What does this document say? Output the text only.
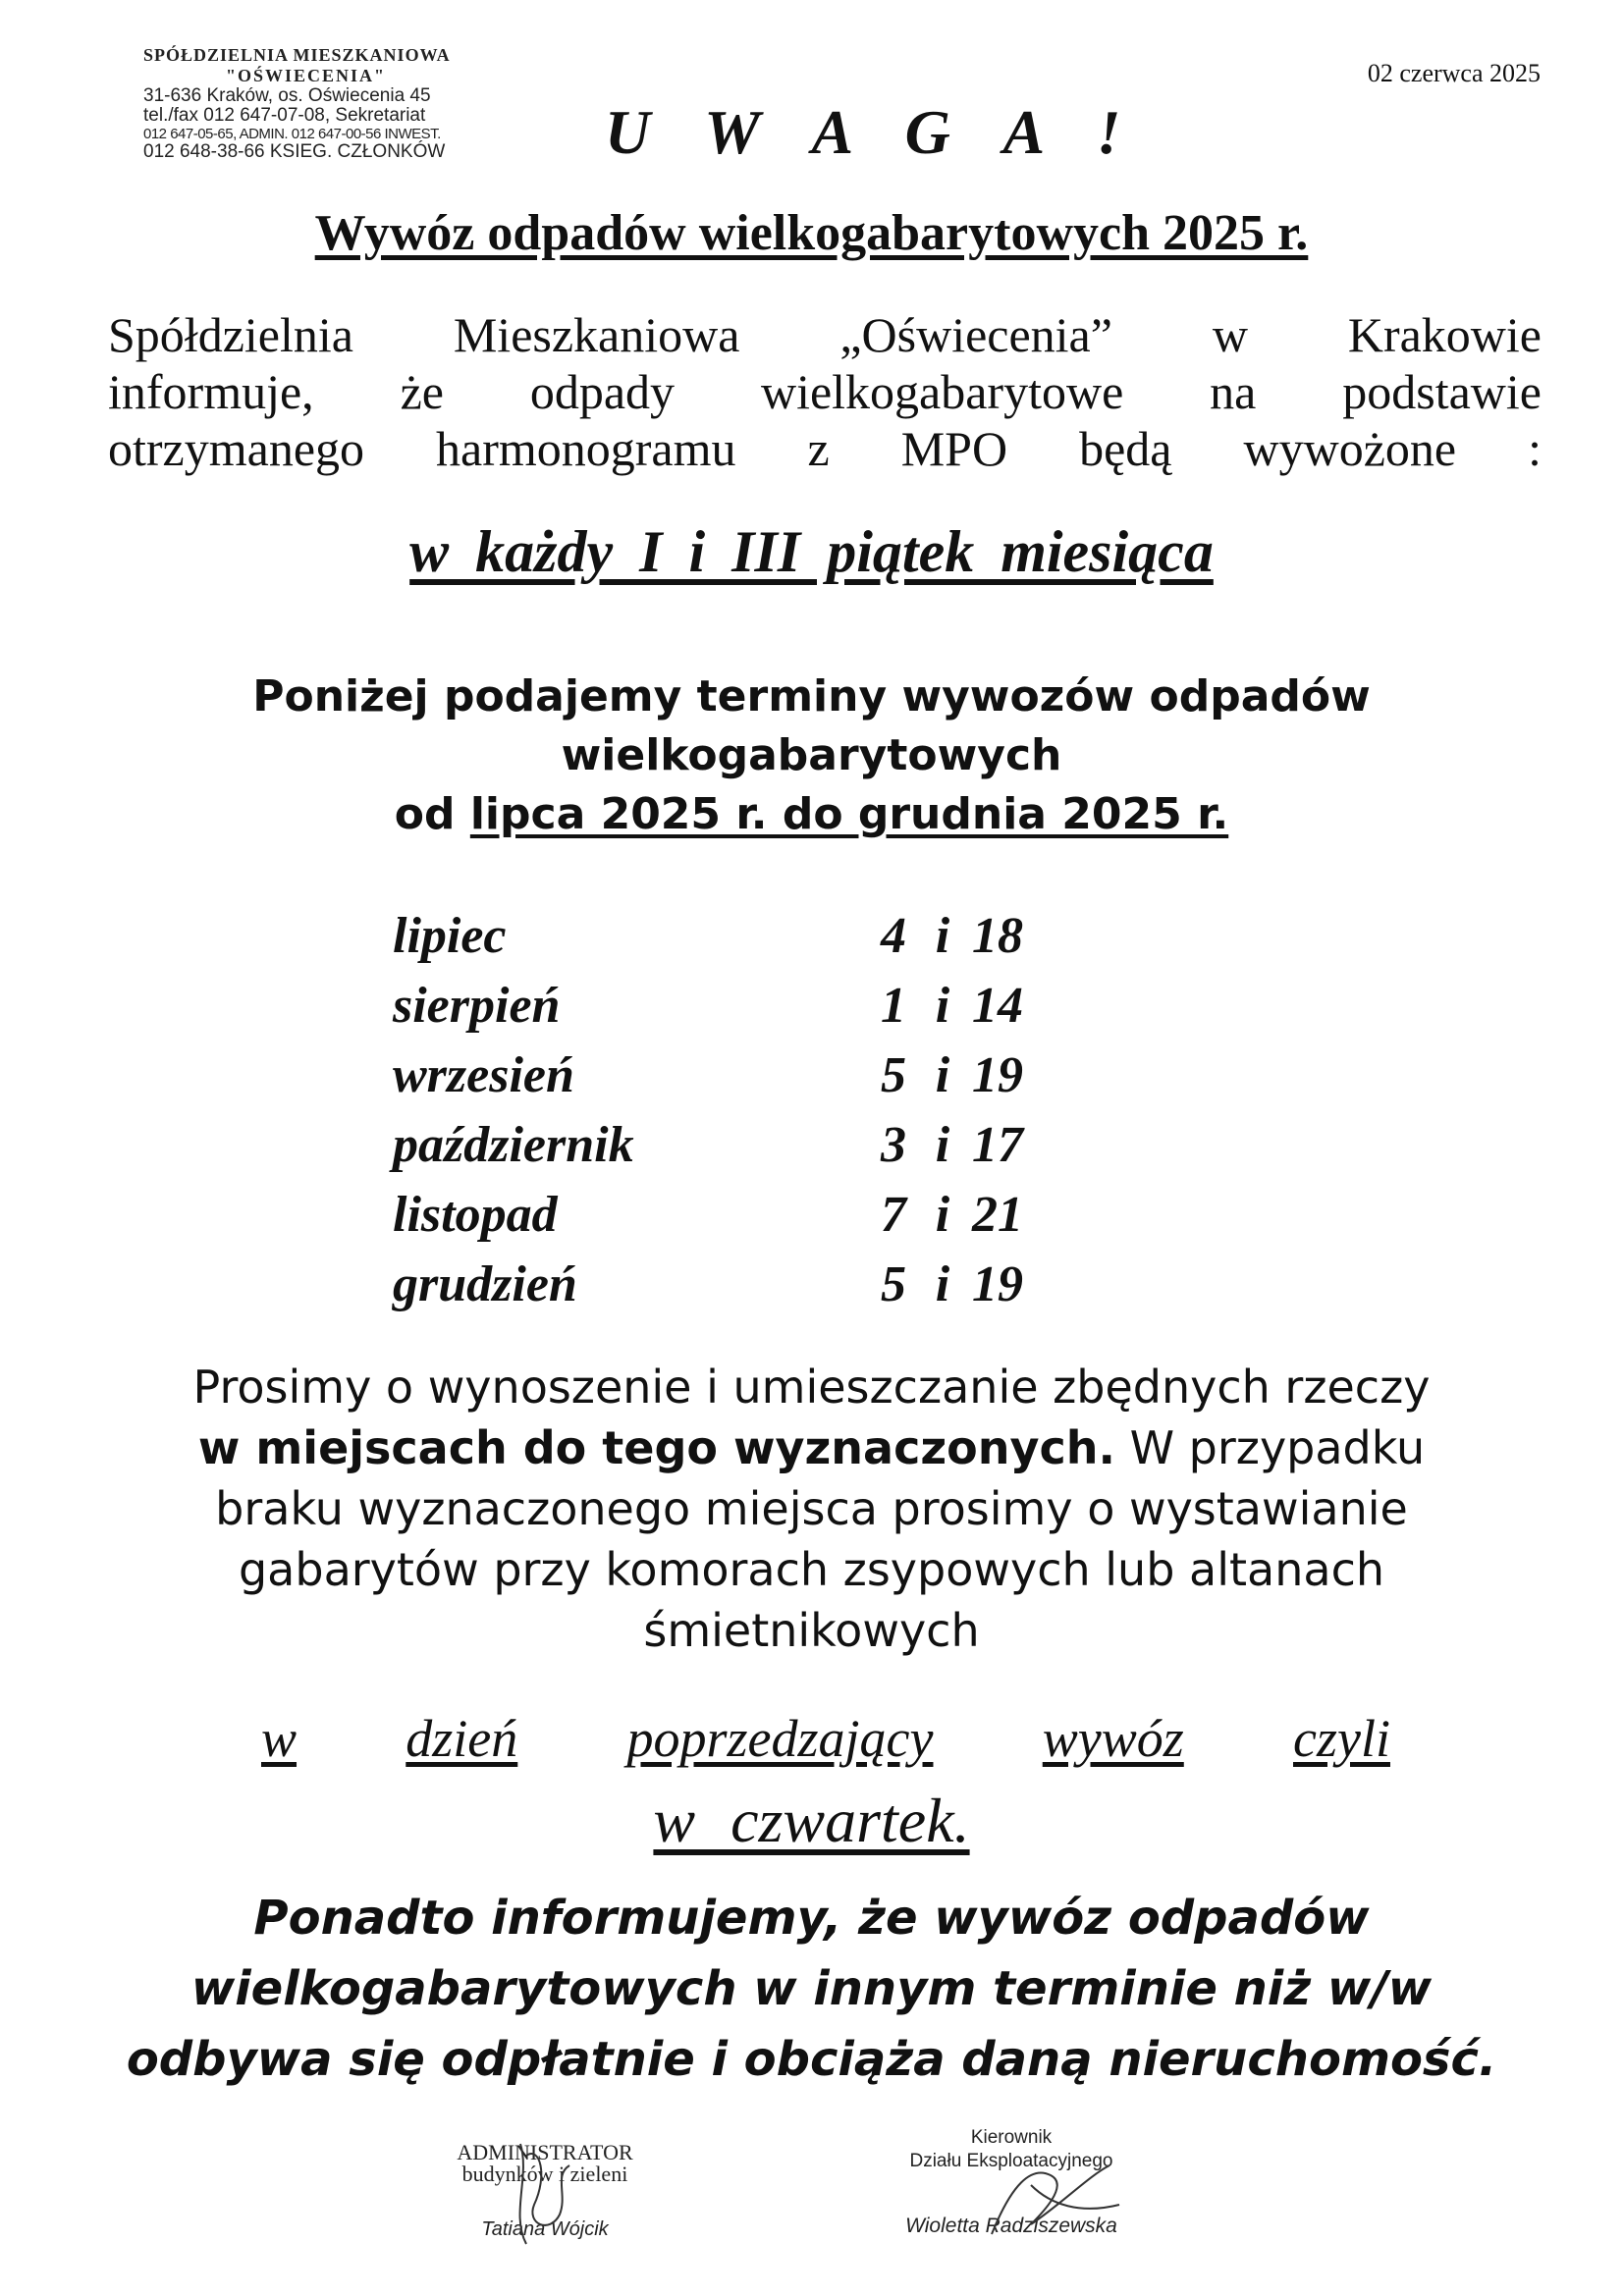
SPÓŁDZIELNIA MIESZKANIOWA
"OŚWIECENIA"
31-636 Kraków, os. Oświecenia 45
tel./fax 012 647-07-08, Sekretariat
012 647-05-65, ADMIN. 012 647-00-56 INWEST.
012 648-38-66 KSIEG. CZŁONKÓW
02 czerwca 2025
U W A G A !
Wywóz odpadów wielkogabarytowych 2025 r.
Spółdzielnia Mieszkaniowa „Oświecenia” w Krakowie
informuje, że odpady wielkogabarytowe na podstawie
otrzymanego harmonogramu z MPO będą wywożone :
w każdy I i III piątek miesiąca
Poniżej podajemy terminy wywozów odpadów
wielkogabarytowych
od lipca 2025 r. do grudnia 2025 r.
lipiec	4 i 18
sierpień	1 i 14
wrzesień	5 i 19
październik	3 i 17
listopad	7 i 21
grudzień	5 i 19
Prosimy o wynoszenie i umieszczanie zbędnych rzeczy
w miejscach do tego wyznaczonych. W przypadku
braku wyznaczonego miejsca prosimy o wystawianie
gabarytów przy komorach zsypowych lub altanach
śmietnikowych
w dzień poprzedzający wywóz czyli
w czwartek.
Ponadto informujemy, że wywóz odpadów
wielkogabarytowych w innym terminie niż w/w
odbywa się odpłatnie i obciąża daną nieruchomość.
ADMINISTRATOR
budynków i zieleni
Tatiana Wójcik
Kierownik
Działu Eksploatacyjnego
Wioletta Radziszewska
